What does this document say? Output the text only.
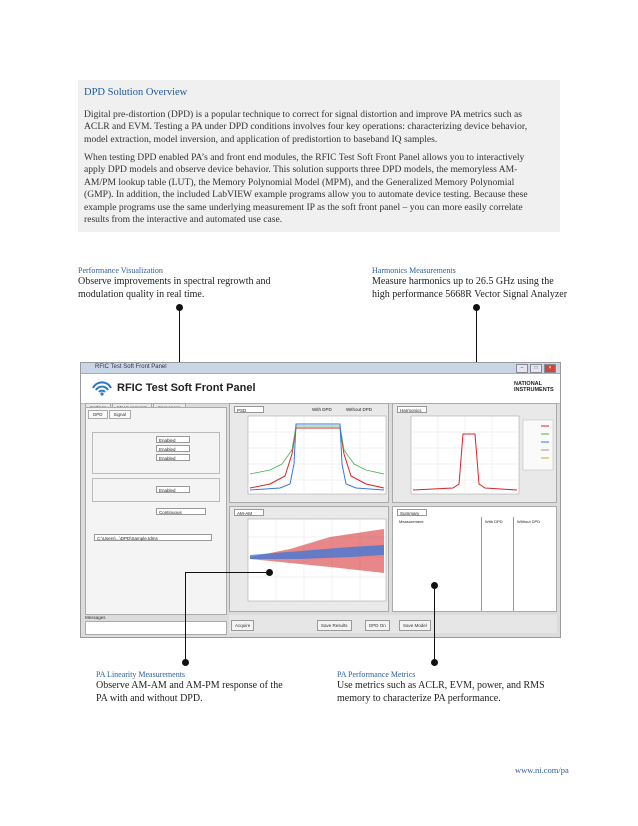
DPD Solution Overview

Digital pre-distortion (DPD) is a popular technique to correct for signal distortion and improve PA metrics such as ACLR and EVM. Testing a PA under DPD conditions involves four key operations: characterizing device behavior, model extraction, model inversion, and application of predistortion to baseband IQ samples.

When testing DPD enabled PA’s and front end modules, the RFIC Test Soft Front Panel allows you to interactively apply DPD models and observe device behavior. This solution supports three DPD models, the memoryless AM-AM/PM lookup table (LUT), the Memory Polynomial Model (MPM), and the Generalized Memory Polynomial (GMP). In addition, the included LabVIEW example programs allow you to automate device testing. Because these example programs use the same underlying measurement IP as the soft front panel – you can more easily correlate results from the interactive and automated use case.

Performance Visualization

Observe improvements in spectral regrowth and modulation quality in real time.

Harmonics Measurements

Measure harmonics up to 26.5 GHz using the high performance 5668R Vector Signal Analyzer

RFIC Test Soft Front Panel	–	□	×
RFIC Test Soft Front Panel	NATIONAL INSTRUMENTS
DPD	Signal
Enabled
Enabled
Enabled
Enabled
Continuous
C:\Users\...\DPD\Sample.tdms
PSD	With DPD	Without DPD	Harmonics
AM-AM	Summary
Measurement	With DPD	Without DPD
Messages
Acquire	Save Results	DPD On	Save Model
PA Linearity Measurements

Observe AM-AM and AM-PM response of the PA with and without DPD.

PA Performance Metrics

Use metrics such as ACLR, EVM, power, and RMS memory to characterize PA performance.

www.ni.com/pa
